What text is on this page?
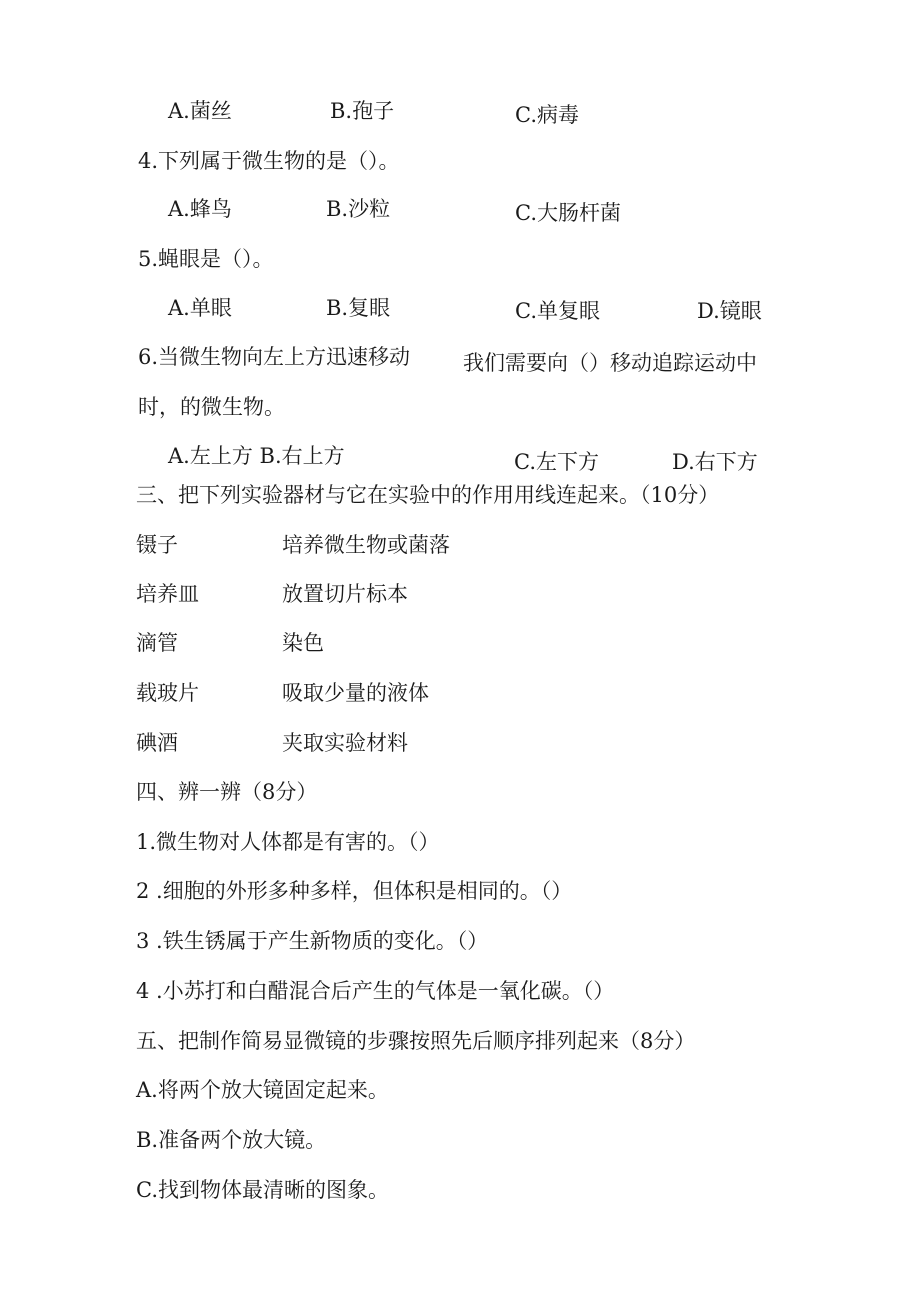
A.菌丝	B.孢子	C.病毒
4.下列属于微生物的是（）。
A.蜂鸟	B.沙粒	C.大肠杆菌
5.蝇眼是（）。
A.单眼	B.复眼	C.单复眼	D.镜眼
6.当微生物向左上方迅速移动	我们需要向（）移动追踪运动中
时，的微生物。
A.左上方 B.右上方	C.左下方	D.右下方
三、把下列实验器材与它在实验中的作用用线连起来。（10分）
镊子	培养微生物或菌落
培养皿	放置切片标本
滴管	染色
载玻片	吸取少量的液体
碘酒	夹取实验材料
四、辨一辨（8分）
1.微生物对人体都是有害的。（）
2 .细胞的外形多种多样，但体积是相同的。（）
3 .铁生锈属于产生新物质的变化。（）
4 .小苏打和白醋混合后产生的气体是一氧化碳。（）
五、把制作简易显微镜的步骤按照先后顺序排列起来（8分）
A.将两个放大镜固定起来。
B.准备两个放大镜。
C.找到物体最清晰的图象。
